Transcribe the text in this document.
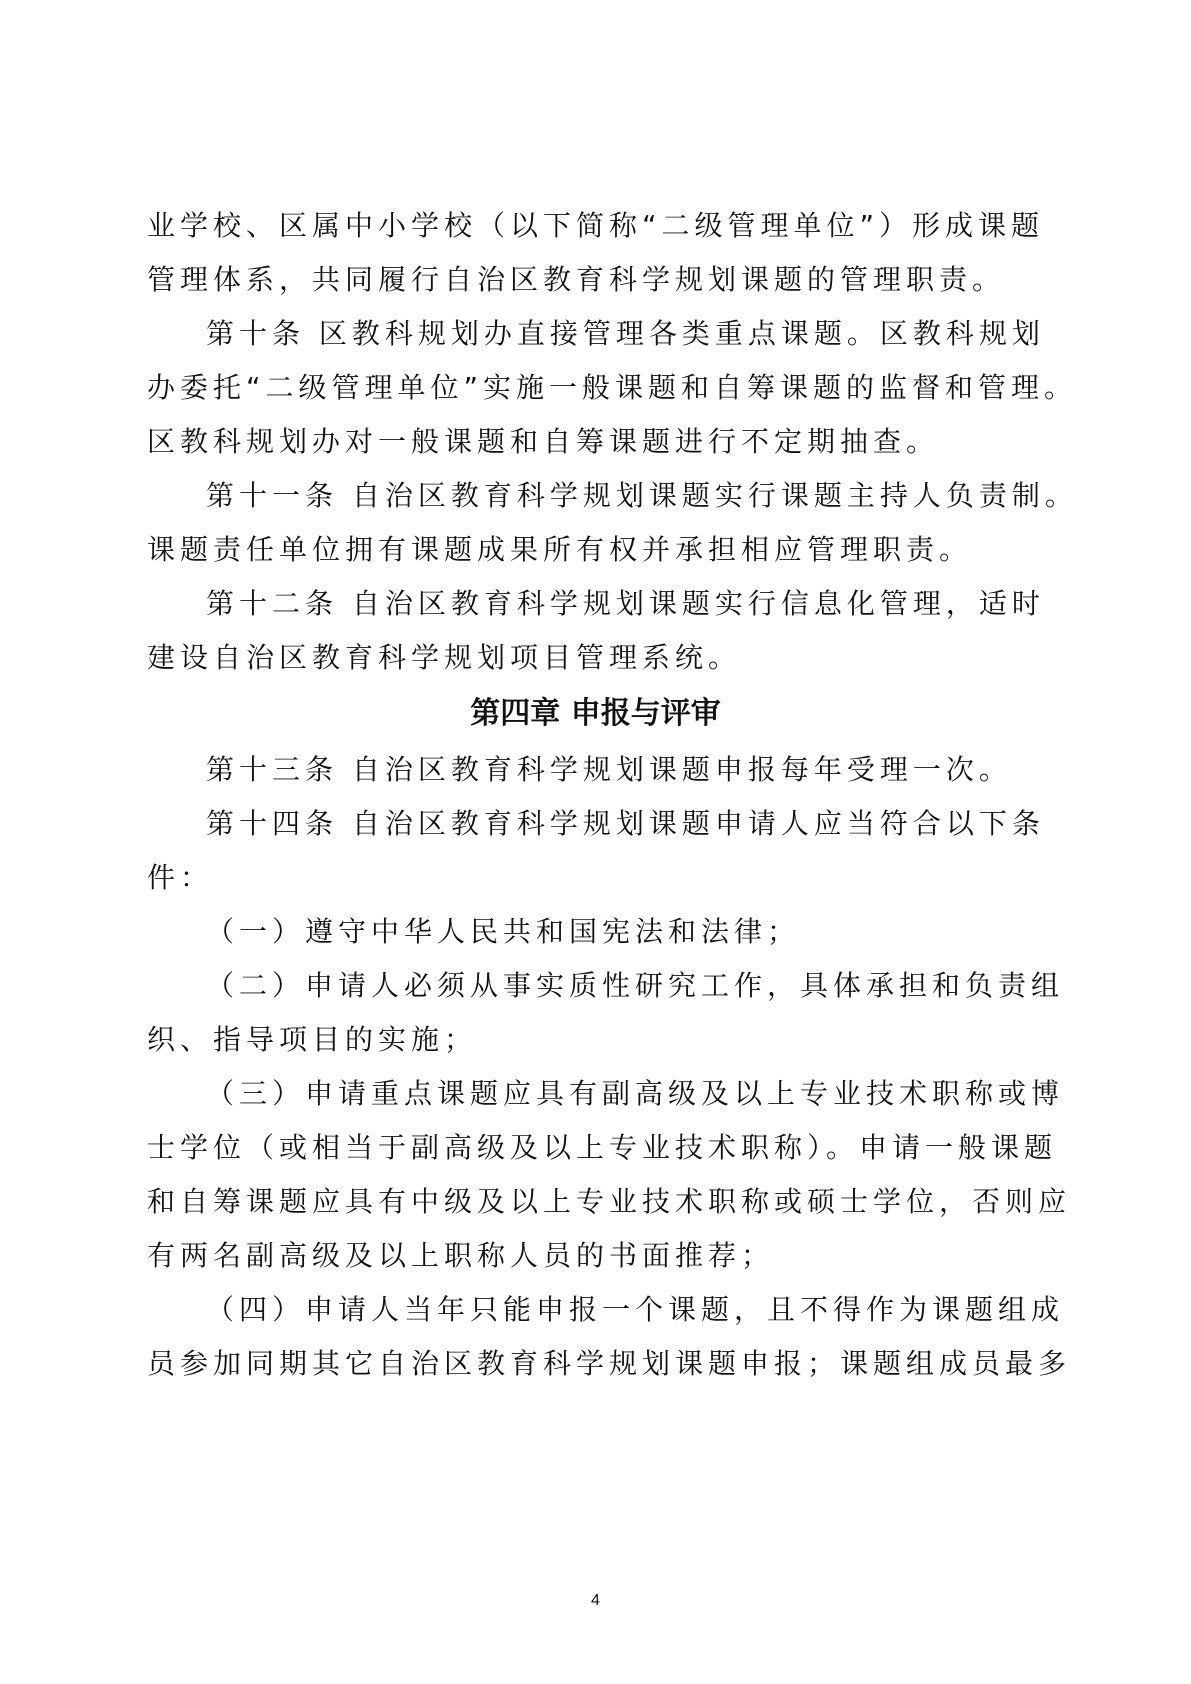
业学校、区属中小学校（以下简称“二级管理单位”）形成课题
管理体系，共同履行自治区教育科学规划课题的管理职责。
第十条 区教科规划办直接管理各类重点课题。区教科规划
办委托“二级管理单位”实施一般课题和自筹课题的监督和管理。
区教科规划办对一般课题和自筹课题进行不定期抽查。
第十一条 自治区教育科学规划课题实行课题主持人负责制。
课题责任单位拥有课题成果所有权并承担相应管理职责。
第十二条 自治区教育科学规划课题实行信息化管理，适时
建设自治区教育科学规划项目管理系统。
第四章 申报与评审
第十三条 自治区教育科学规划课题申报每年受理一次。
第十四条 自治区教育科学规划课题申请人应当符合以下条
件：
（一）遵守中华人民共和国宪法和法律；
（二）申请人必须从事实质性研究工作，具体承担和负责组
织、指导项目的实施；
（三）申请重点课题应具有副高级及以上专业技术职称或博
士学位（或相当于副高级及以上专业技术职称）。申请一般课题
和自筹课题应具有中级及以上专业技术职称或硕士学位，否则应
有两名副高级及以上职称人员的书面推荐；
（四）申请人当年只能申报一个课题，且不得作为课题组成
员参加同期其它自治区教育科学规划课题申报；课题组成员最多
4
